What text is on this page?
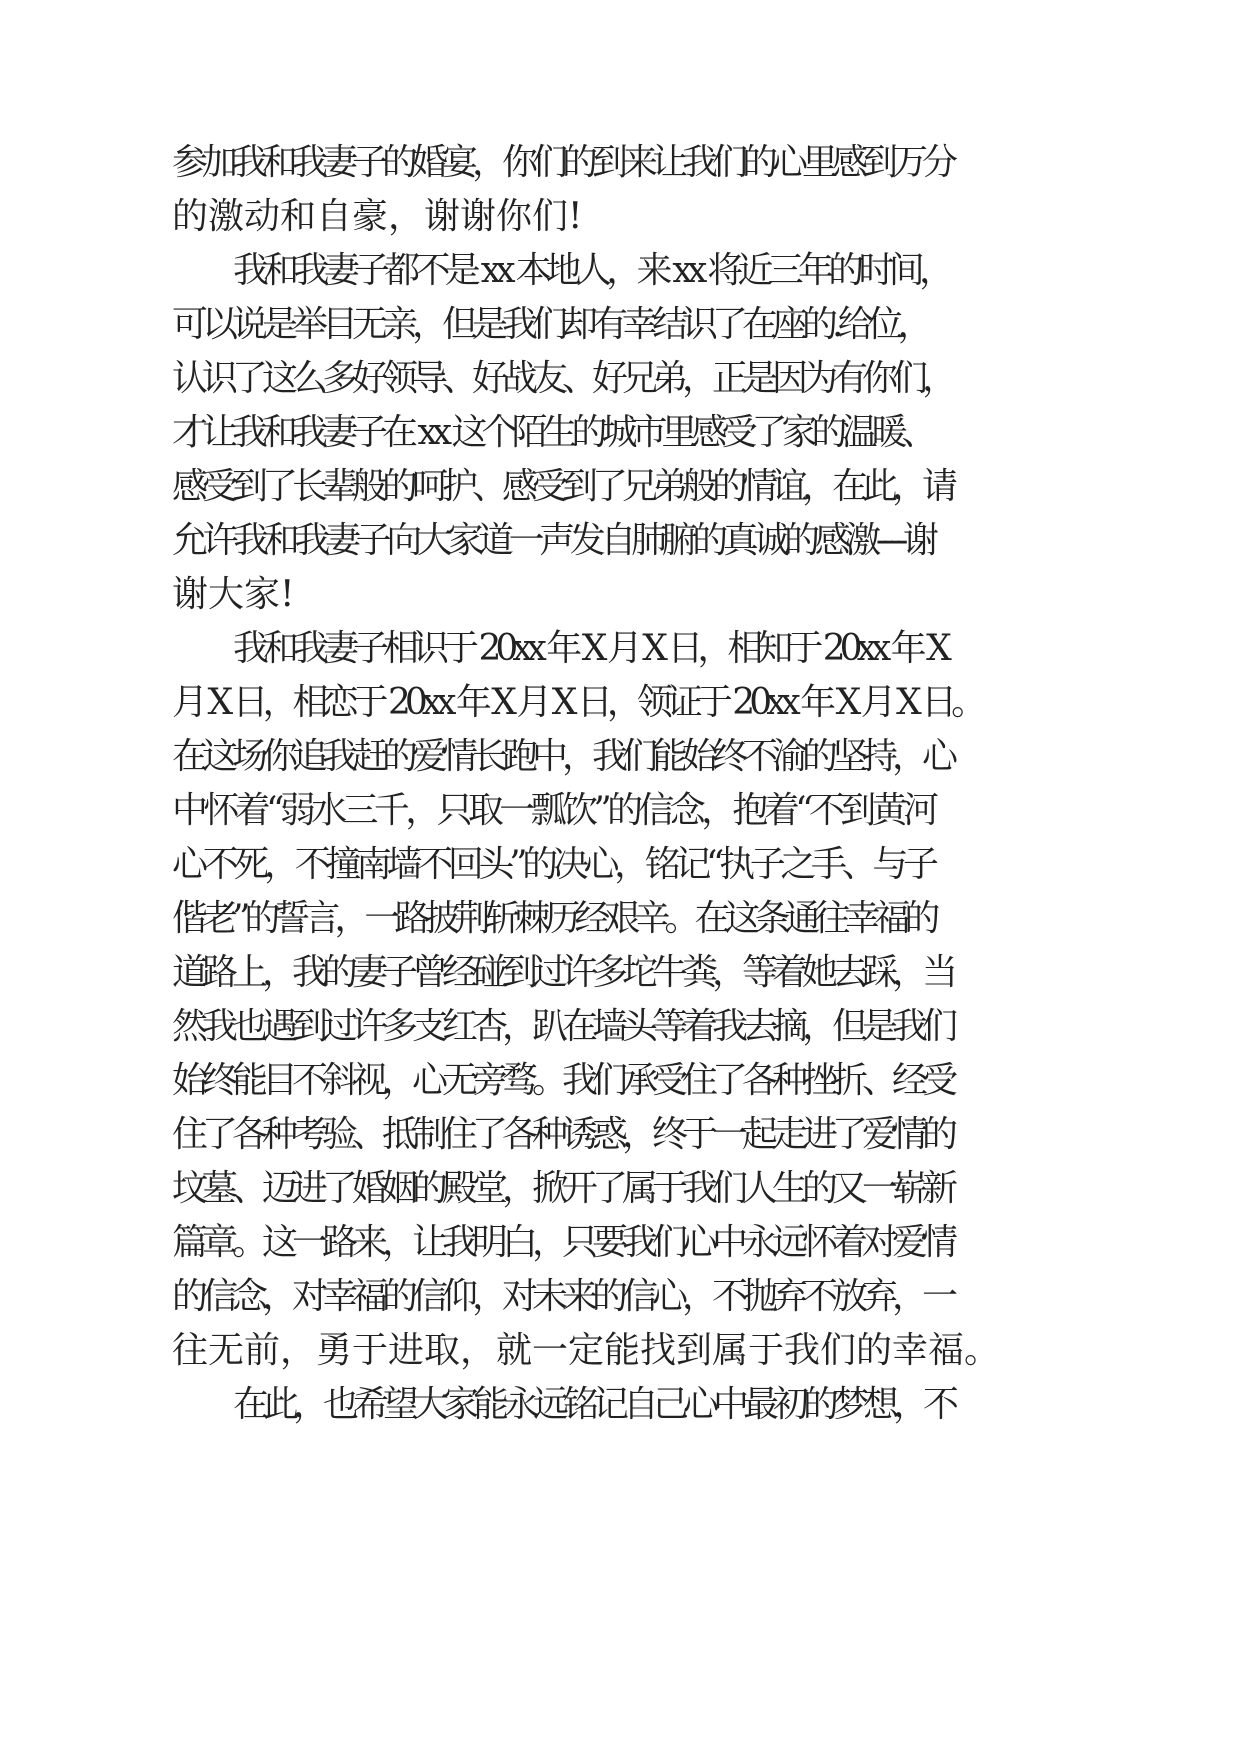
参加我和我妻子的婚宴，你们的到来让我们的心里感到万分
的激动和自豪，谢谢你们!
我和我妻子都不是 xx 本地人，来 xx 将近三年的时间，
可以说是举目无亲，但是我们却有幸结识了在座的.给位，
认识了这么多好领导、好战友、好兄弟，正是因为有你们，
才让我和我妻子在 xx 这个陌生的城市里感受了家的温暖、
感受到了长辈般的呵护、感受到了兄弟般的情谊，在此，请
允许我和我妻子向大家道一声发自肺腑的真诚的感激----谢
谢大家!
我和我妻子相识于 20xx 年 X 月 X 日，相知于 20xx 年 X
月 X 日，相恋于 20xx 年 X 月 X 日，领证于 20xx 年 X 月 X 日。
在这场你追我赶的爱情长跑中，我们能始终不渝的坚持，心
中怀着“弱水三千，只取一瓢饮”的信念，抱着“不到黄河
心不死，不撞南墙不回头”的决心，铭记“执子之手、与子
偕老”的誓言，一路披荆斩棘历经艰辛。在这条通往幸福的
道路上，我的妻子曾经碰到过许多坨牛粪，等着她去踩，当
然我也遇到过许多支红杏，趴在墙头等着我去摘，但是我们
始终能目不斜视，心无旁骛。我们承受住了各种挫折、经受
住了各种考验、抵制住了各种诱惑，终于一起走进了爱情的
坟墓、迈进了婚姻的殿堂，掀开了属于我们人生的又一崭新
篇章。这一路来，让我明白，只要我们心中永远怀着对爱情
的信念，对幸福的信仰，对未来的信心，不抛弃不放弃，一
往无前，勇于进取，就一定能找到属于我们的幸福。
在此，也希望大家能永远铭记自己心中最初的梦想，不
